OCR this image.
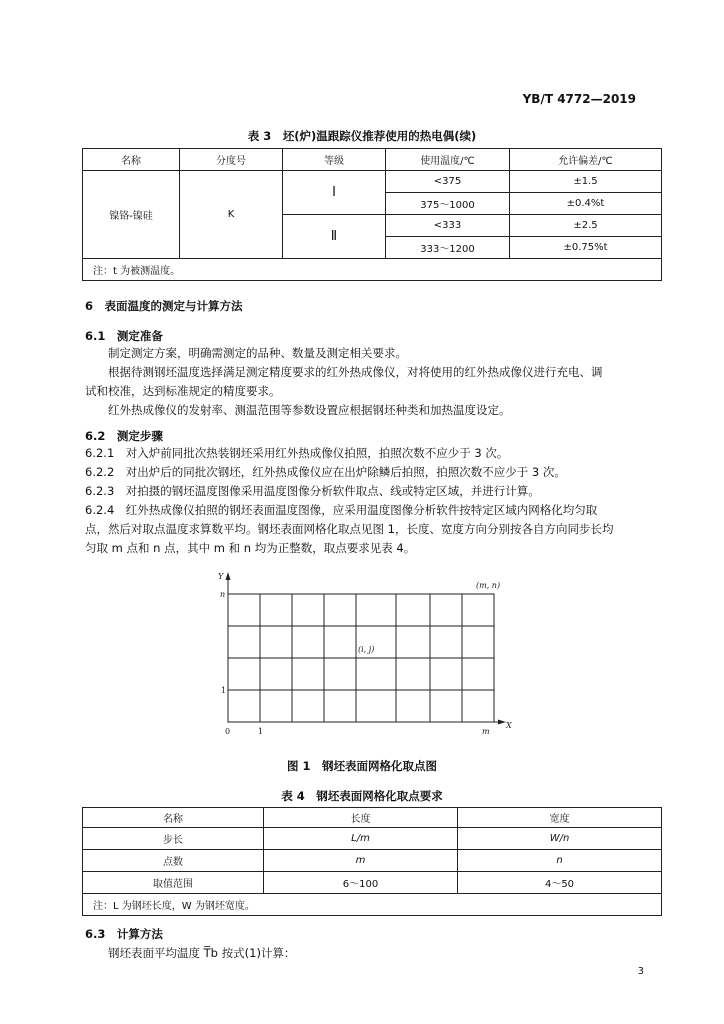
YB/T 4772—2019
表 3　坯(炉)温跟踪仪推荐使用的热电偶(续)
名称	分度号	等级	使用温度/℃	允许偏差/℃
镍铬-镍硅	K	Ⅰ	<375	±1.5
			375～1000	±0.4%t
		Ⅱ	<333	±2.5
			333～1200	±0.75%t
注：t 为被测温度。				
6　表面温度的测定与计算方法
6.1　测定准备
制定测定方案，明确需测定的品种、数量及测定相关要求。
根据待测钢坯温度选择满足测定精度要求的红外热成像仪，对将使用的红外热成像仪进行充电、调
试和校准，达到标准规定的精度要求。
红外热成像仪的发射率、测温范围等参数设置应根据钢坯种类和加热温度设定。
6.2　测定步骤
6.2.1　对入炉前同批次热装钢坯采用红外热成像仪拍照，拍照次数不应少于 3 次。
6.2.2　对出炉后的同批次钢坯，红外热成像仪应在出炉除鳞后拍照，拍照次数不应少于 3 次。
6.2.3　对拍摄的钢坯温度图像采用温度图像分析软件取点、线或特定区域，并进行计算。
6.2.4　红外热成像仪拍照的钢坯表面温度图像，应采用温度图像分析软件按特定区域内网格化均匀取
点，然后对取点温度求算数平均。钢坯表面网格化取点见图 1，长度、宽度方向分别按各自方向同步长均
匀取 m 点和 n 点，其中 m 和 n 均为正整数，取点要求见表 4。
Y
n
1
0	1	m
X
(m, n)
(i, j)
图 1　钢坯表面网格化取点图
表 4　钢坯表面网格化取点要求
名称	长度	宽度
步长	L/m	W/n
点数	m	n
取值范围	6～100	4～50
注：L 为钢坯长度，W 为钢坯宽度。		
6.3　计算方法
钢坯表面平均温度 T̅b 按式(1)计算：
3
